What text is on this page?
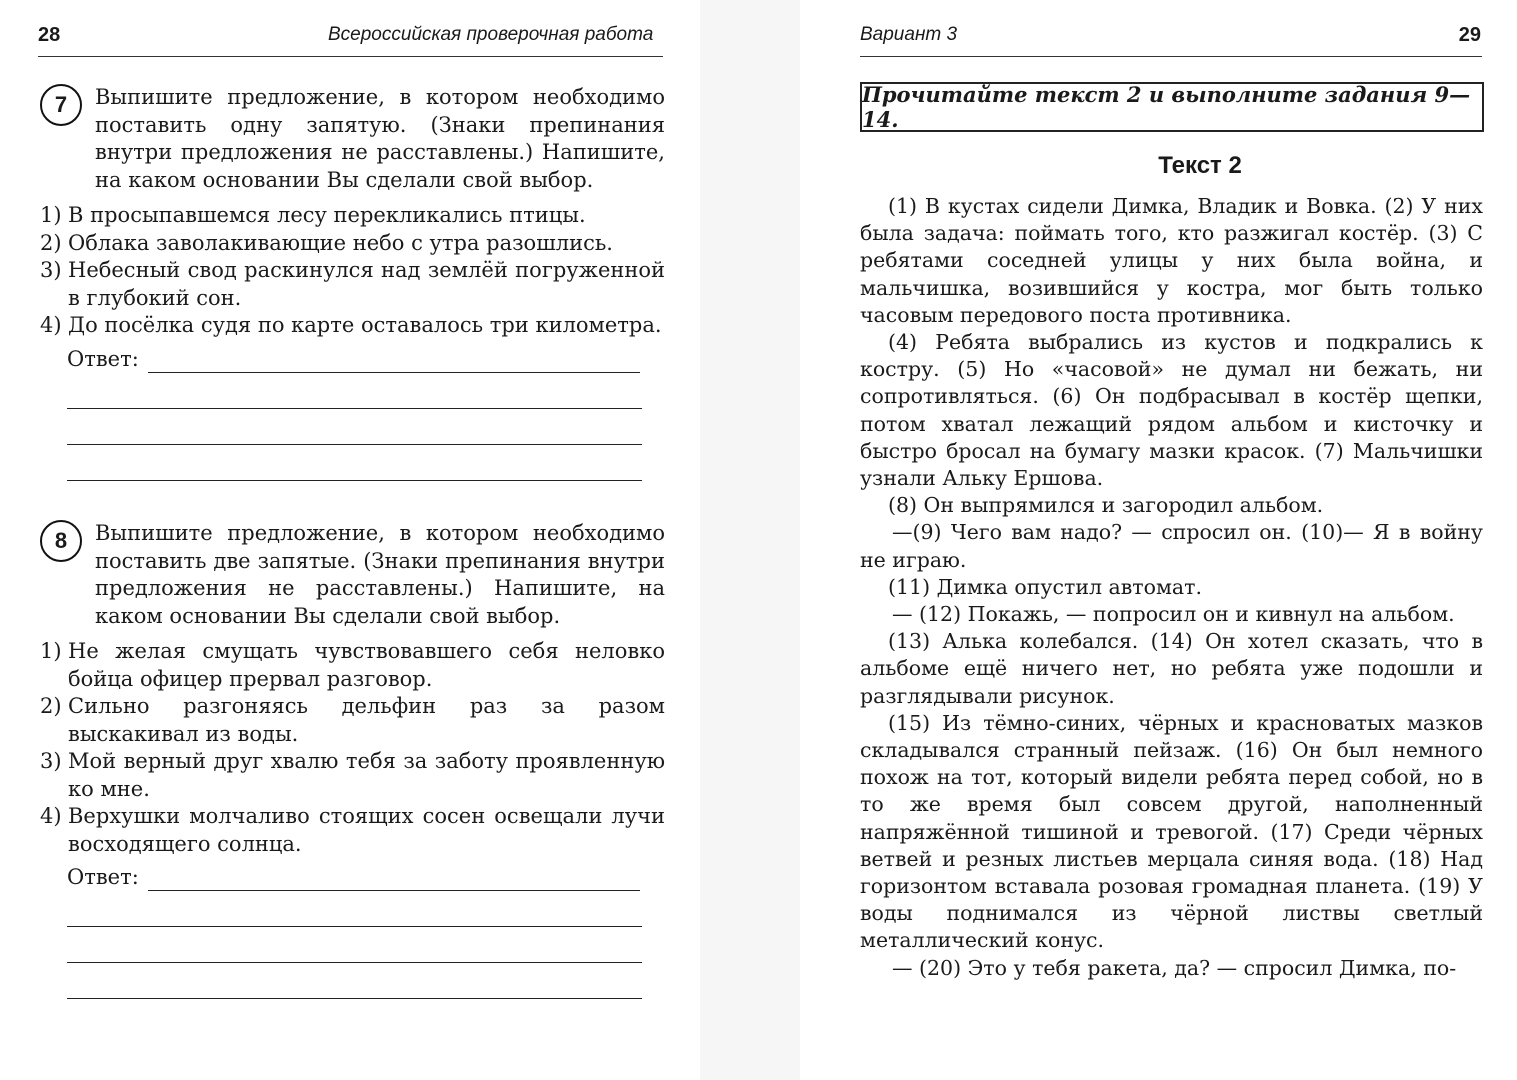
28	Всероссийская проверочная работа
7	Выпишите предложение, в котором необходимо поставить одну запятую. (Знаки препинания внутри предложения не расставлены.) Напишите, на каком основании Вы сделали свой выбор.
1) В просыпавшемся лесу перекликались птицы.
2) Облака заволакивающие небо с утра разошлись.
3) Небесный свод раскинулся над землёй погруженной в глубокий сон.
4) До посёлка судя по карте оставалось три километра.
Ответ:
8	Выпишите предложение, в котором необходимо поставить две запятые. (Знаки препинания внутри предложения не расставлены.) Напишите, на каком основании Вы сделали свой выбор.
1) Не желая смущать чувствовавшего себя неловко бойца офицер прервал разговор.
2) Сильно разгоняясь дельфин раз за разом выскакивал из воды.
3) Мой верный друг хвалю тебя за заботу проявленную ко мне.
4) Верхушки молчаливо стоящих сосен освещали лучи восходящего солнца.
Ответ:
Вариант 3	29
Прочитайте текст 2 и выполните задания 9—14.
Текст 2

(1) В кустах сидели Димка, Владик и Вовка. (2) У них была задача: поймать того, кто разжигал костёр. (3) С ребятами соседней улицы у них была война, и мальчишка, возившийся у костра, мог быть только часовым передового поста противника.

(4) Ребята выбрались из кустов и подкрались к костру. (5) Но «часовой» не думал ни бежать, ни сопротивляться. (6) Он подбрасывал в костёр щепки, потом хватал лежащий рядом альбом и кисточку и быстро бросал на бумагу мазки красок. (7) Мальчишки узнали Альку Ершова.

(8) Он выпрямился и загородил альбом.

—(9) Чего вам надо? — спросил он. (10)— Я в войну не играю.

(11) Димка опустил автомат.

— (12) Покажь, — попросил он и кивнул на альбом.

(13) Алька колебался. (14) Он хотел сказать, что в альбоме ещё ничего нет, но ребята уже подошли и разглядывали рисунок.

(15) Из тёмно-синих, чёрных и красноватых мазков складывался странный пейзаж. (16) Он был немного похож на тот, который видели ребята перед собой, но в то же время был совсем другой, наполненный напряжённой тишиной и тревогой. (17) Среди чёрных ветвей и резных листьев мерцала синяя вода. (18) Над горизонтом вставала розовая громадная планета. (19) У воды поднимался из чёрной листвы светлый металлический конус.

— (20) Это у тебя ракета, да? — спросил Димка, по-
